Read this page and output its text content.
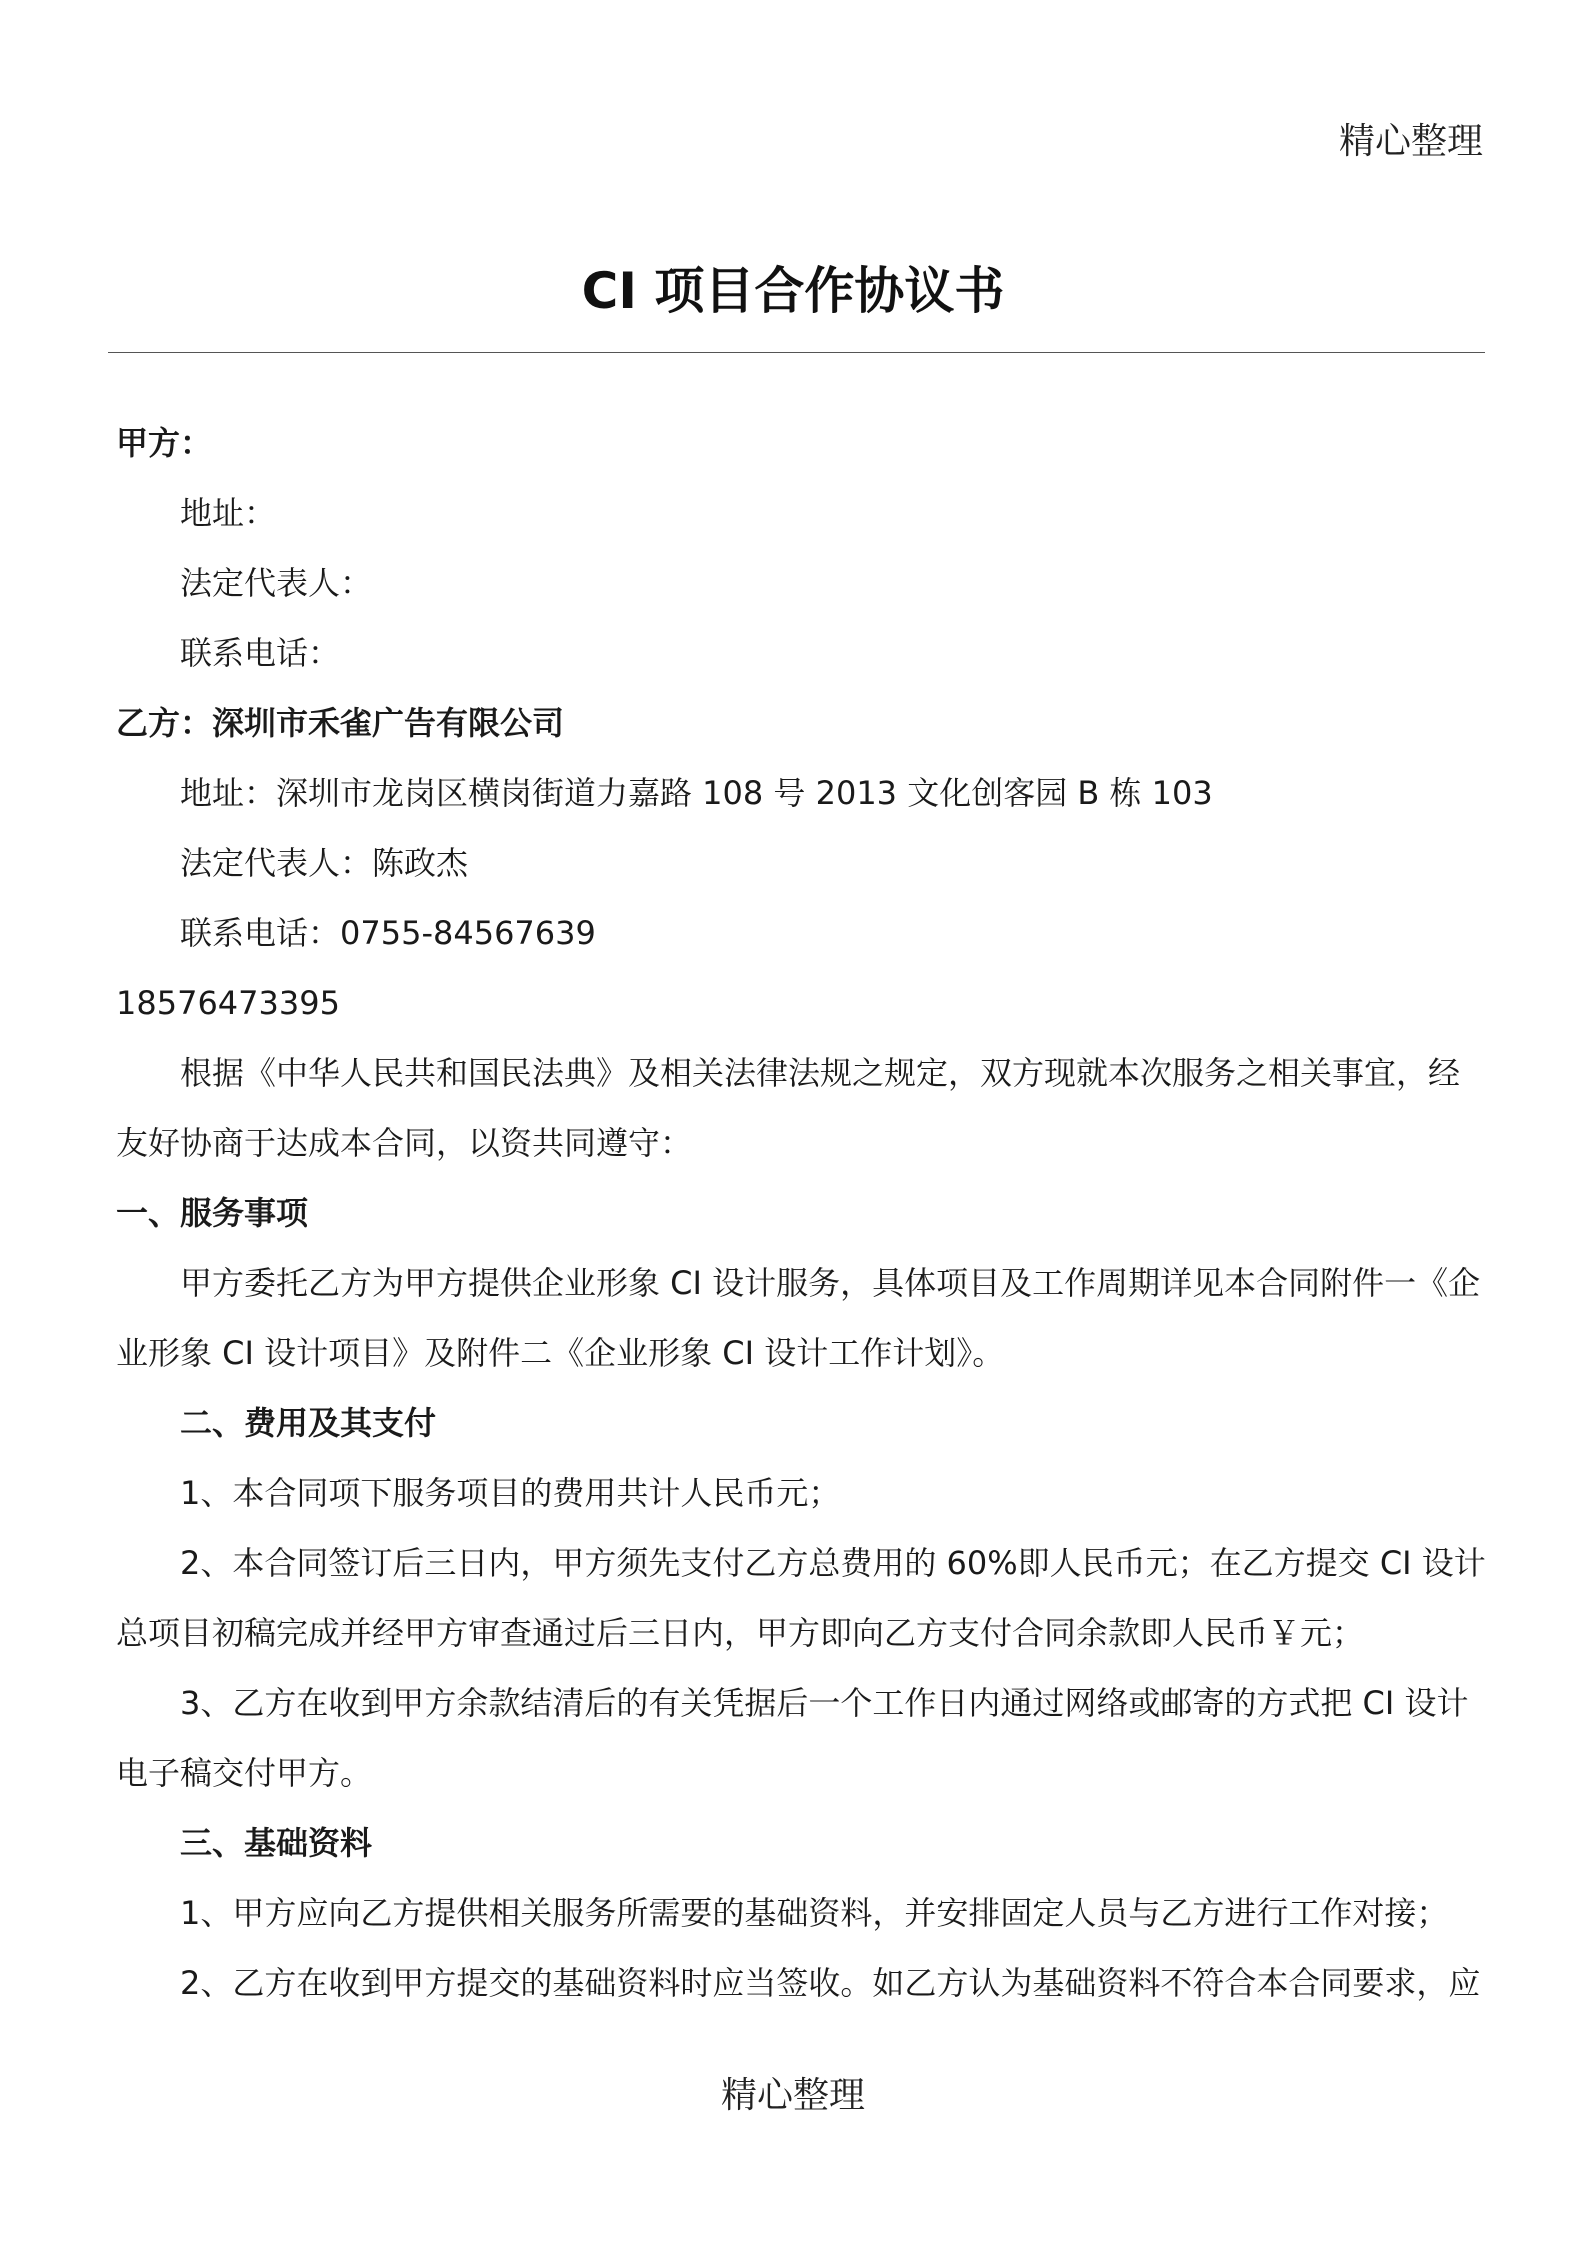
精心整理
CI 项目合作协议书

甲方：

地址：

法定代表人：

联系电话：

乙方：深圳市禾雀广告有限公司

地址：深圳市龙岗区横岗街道力嘉路 108 号 2013 文化创客园 B 栋 103

法定代表人：陈政杰

联系电话：0755-84567639

18576473395

根据《中华人民共和国民法典》及相关法律法规之规定，双方现就本次服务之相关事宜，经友好协商于达成本合同，以资共同遵守：

一、服务事项

甲方委托乙方为甲方提供企业形象 CI 设计服务，具体项目及工作周期详见本合同附件一《企业形象 CI 设计项目》及附件二《企业形象 CI 设计工作计划》。

二、费用及其支付

1、本合同项下服务项目的费用共计人民币元；

2、本合同签订后三日内，甲方须先支付乙方总费用的 60%即人民币元；在乙方提交 CI 设计总项目初稿完成并经甲方审查通过后三日内，甲方即向乙方支付合同余款即人民币￥元；

3、乙方在收到甲方余款结清后的有关凭据后一个工作日内通过网络或邮寄的方式把 CI 设计电子稿交付甲方。

三、基础资料

1、甲方应向乙方提供相关服务所需要的基础资料，并安排固定人员与乙方进行工作对接；

2、乙方在收到甲方提交的基础资料时应当签收。如乙方认为基础资料不符合本合同要求，应

精心整理
